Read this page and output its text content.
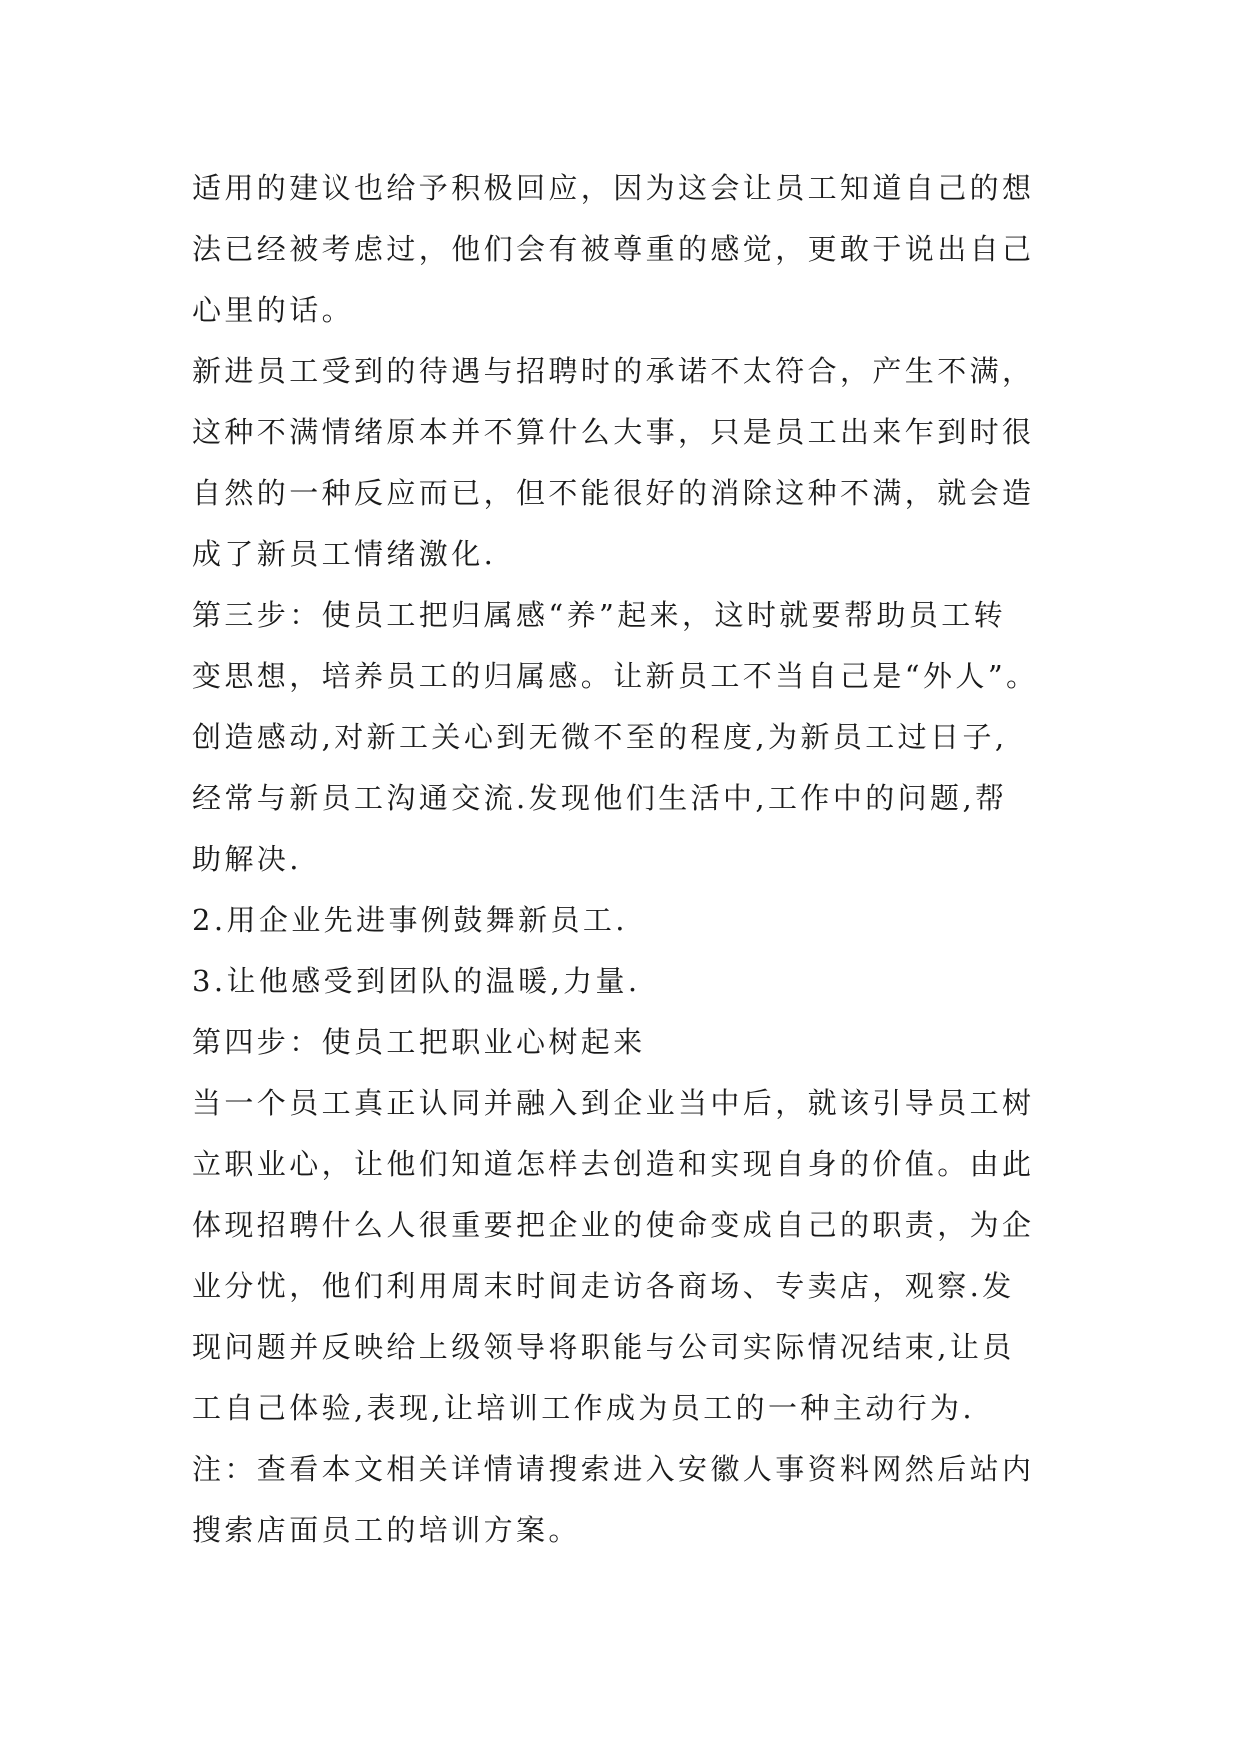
适用的建议也给予积极回应，因为这会让员工知道自己的想
法已经被考虑过，他们会有被尊重的感觉，更敢于说出自己
心里的话。
新进员工受到的待遇与招聘时的承诺不太符合，产生不满，
这种不满情绪原本并不算什么大事，只是员工出来乍到时很
自然的一种反应而已，但不能很好的消除这种不满，就会造
成了新员工情绪激化.
第三步：使员工把归属感“养”起来，这时就要帮助员工转
变思想，培养员工的归属感。让新员工不当自己是“外人”。
创造感动,对新工关心到无微不至的程度,为新员工过日子,
经常与新员工沟通交流.发现他们生活中,工作中的问题,帮
助解决.
2.用企业先进事例鼓舞新员工.
3.让他感受到团队的温暖,力量.
第四步：使员工把职业心树起来
当一个员工真正认同并融入到企业当中后，就该引导员工树
立职业心，让他们知道怎样去创造和实现自身的价值。由此
体现招聘什么人很重要把企业的使命变成自己的职责，为企
业分忧，他们利用周末时间走访各商场、专卖店，观察.发
现问题并反映给上级领导将职能与公司实际情况结束,让员
工自己体验,表现,让培训工作成为员工的一种主动行为.
注：查看本文相关详情请搜索进入安徽人事资料网然后站内
搜索店面员工的培训方案。
